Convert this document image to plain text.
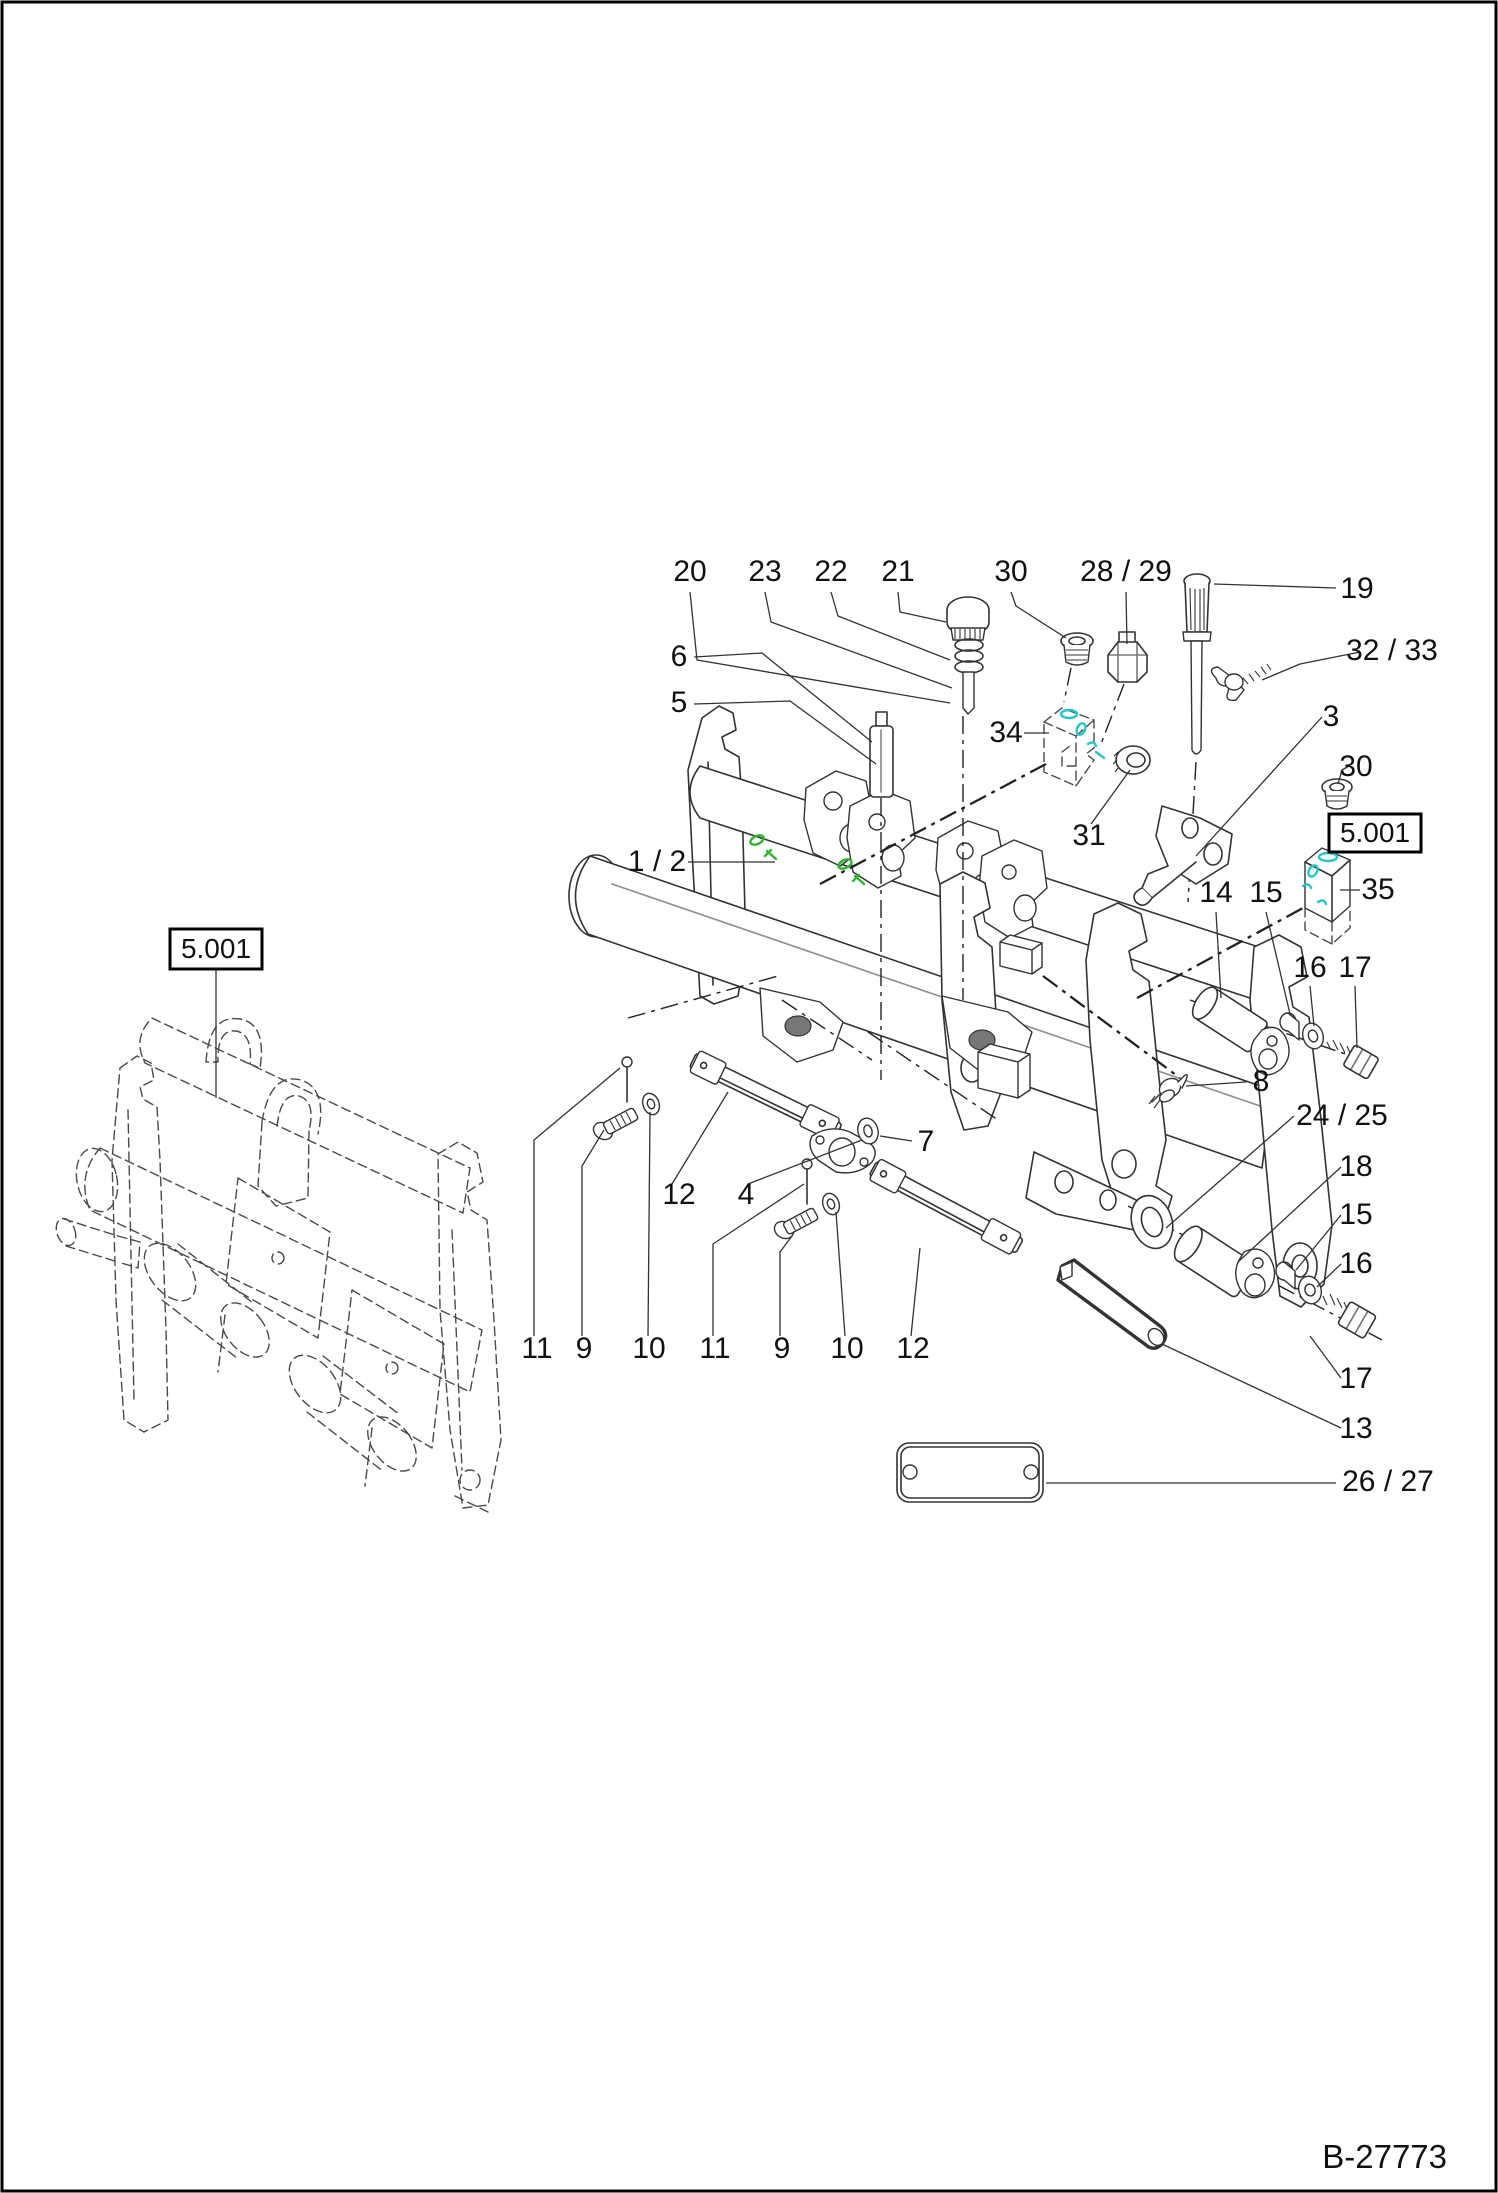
20 23 22 21	30 28 / 29
19
32 / 33
6
5	3
1 / 2
34
30
31
35
14 15
16 17
8
24 / 25
18
15
16
12 4
7
17
13
26 / 27
11 9 10 11 9 10 12
5.001
5.001
B-27773
